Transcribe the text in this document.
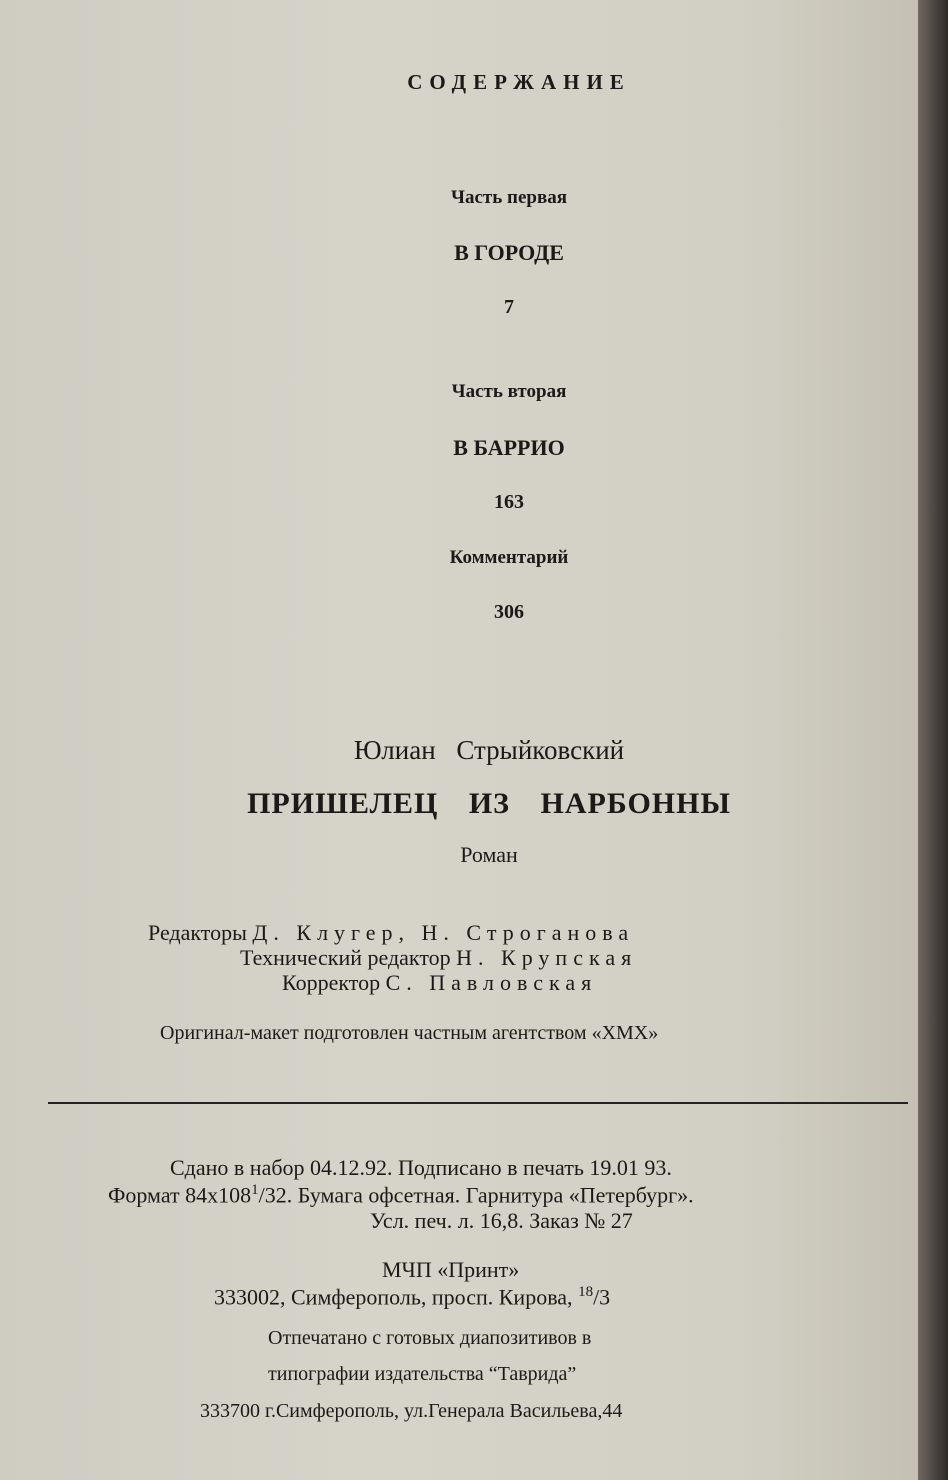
СОДЕРЖАНИЕ

Часть первая

В ГОРОДЕ

7

Часть вторая

В БАРРИО

163

Комментарий

306

Юлиан Стрыйковский

ПРИШЕЛЕЦ ИЗ НАРБОННЫ

Роман

Редакторы Д. Клугер, Н. Строганова

Технический редактор Н. Крупская

Корректор С. Павловская

Оригинал-макет подготовлен частным агентством «ХМХ»

Сдано в набор 04.12.92. Подписано в печать 19.01 93.

Формат $84х108^1/32$. Бумага офсетная. Гарнитура «Петербург».

Усл. печ. л. 16,8. Заказ № 27

МЧП «Принт»

333002, Симферополь, просп. Кирова, $^{18}$/3

Отпечатано с готовых диапозитивов в

типографии издательства “Таврида”

333700 г.Симферополь, ул.Генерала Васильева,44
